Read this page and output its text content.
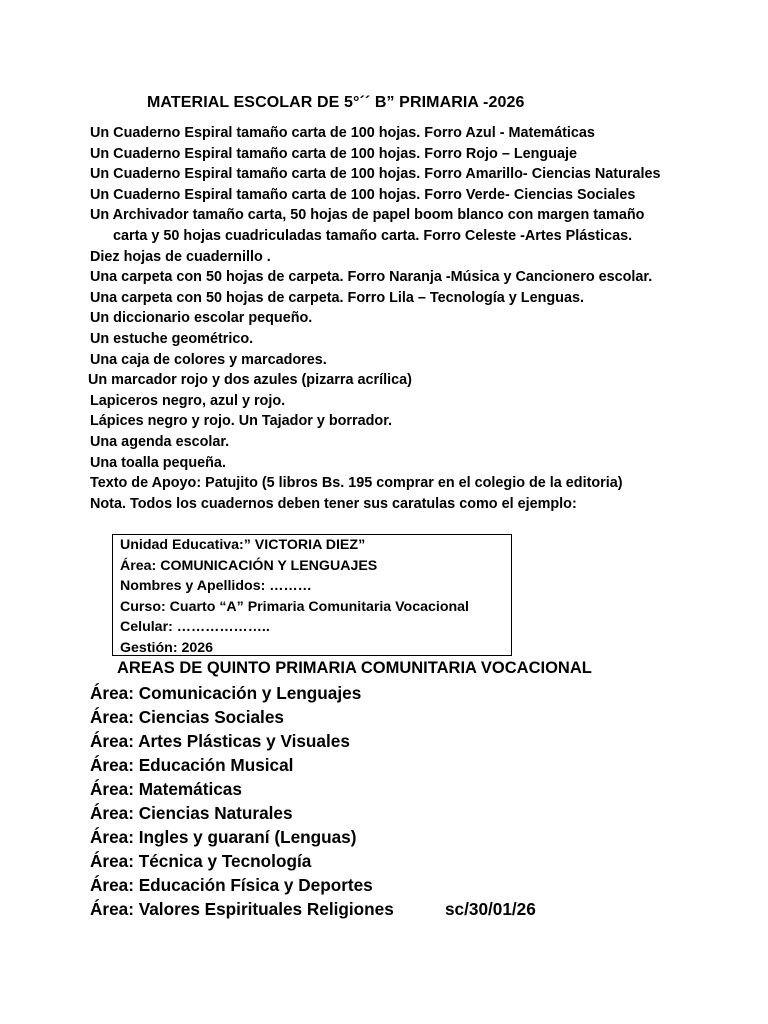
MATERIAL ESCOLAR DE 5°´´ B” PRIMARIA -2026
Un Cuaderno Espiral tamaño carta de 100 hojas. Forro Azul - Matemáticas
Un Cuaderno Espiral tamaño carta de 100 hojas. Forro Rojo – Lenguaje
Un Cuaderno Espiral tamaño carta de 100 hojas. Forro Amarillo- Ciencias Naturales
Un Cuaderno Espiral tamaño carta de 100 hojas. Forro Verde- Ciencias Sociales
Un Archivador tamaño carta, 50 hojas de papel boom blanco con margen tamaño
carta y 50 hojas cuadriculadas tamaño carta. Forro Celeste -Artes Plásticas.
Diez hojas de cuadernillo .
Una carpeta con 50 hojas de carpeta. Forro Naranja -Música y Cancionero escolar.
Una carpeta con 50 hojas de carpeta. Forro Lila – Tecnología y Lenguas.
Un diccionario escolar pequeño.
Un estuche geométrico.
Una caja de colores y marcadores.
Un marcador rojo y dos azules (pizarra acrílica)
Lapiceros negro, azul y rojo.
Lápices negro y rojo. Un Tajador y borrador.
Una agenda escolar.
Una toalla pequeña.
Texto de Apoyo: Patujito (5 libros Bs. 195 comprar en el colegio de la editoria)
Nota. Todos los cuadernos deben tener sus caratulas como el ejemplo:
Unidad Educativa:” VICTORIA DIEZ”
Área: COMUNICACIÓN Y LENGUAJES
Nombres y Apellidos: ………
Curso: Cuarto “A” Primaria Comunitaria Vocacional
Celular: ………………..
Gestión: 2026
AREAS DE QUINTO PRIMARIA COMUNITARIA VOCACIONAL
Área: Comunicación y Lenguajes
Área: Ciencias Sociales
Área: Artes Plásticas y Visuales
Área: Educación Musical
Área: Matemáticas
Área: Ciencias Naturales
Área: Ingles y guaraní (Lenguas)
Área: Técnica y Tecnología
Área: Educación Física y Deportes
Área: Valores Espirituales Religiones	sc/30/01/26
